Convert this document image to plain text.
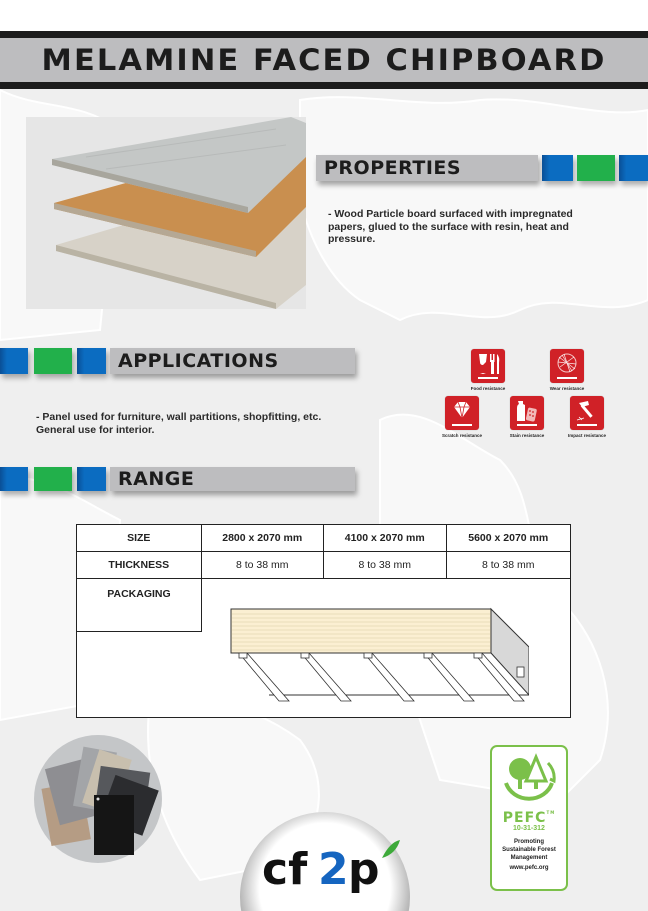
MELAMINE FACED CHIPBOARD
PROPERTIES
- Wood Particle board surfaced with impregnated papers, glued to the surface with resin, heat and pressure.
APPLICATIONS
- Panel used for furniture, wall partitions, shopfitting, etc.
General use for interior.
Food resistance	Wear resistance
Scratch resistance	Stain resistance	Impact resistance
RANGE
SIZE	2800 x 2070 mm	4100 x 2070 mm	5600 x 2070 mm
THICKNESS	8 to 38 mm	8 to 38 mm	8 to 38 mm
PACKAGING
cf 2 p
PEFC™
10-31-312
Promoting
Sustainable Forest
Management
www.pefc.org
